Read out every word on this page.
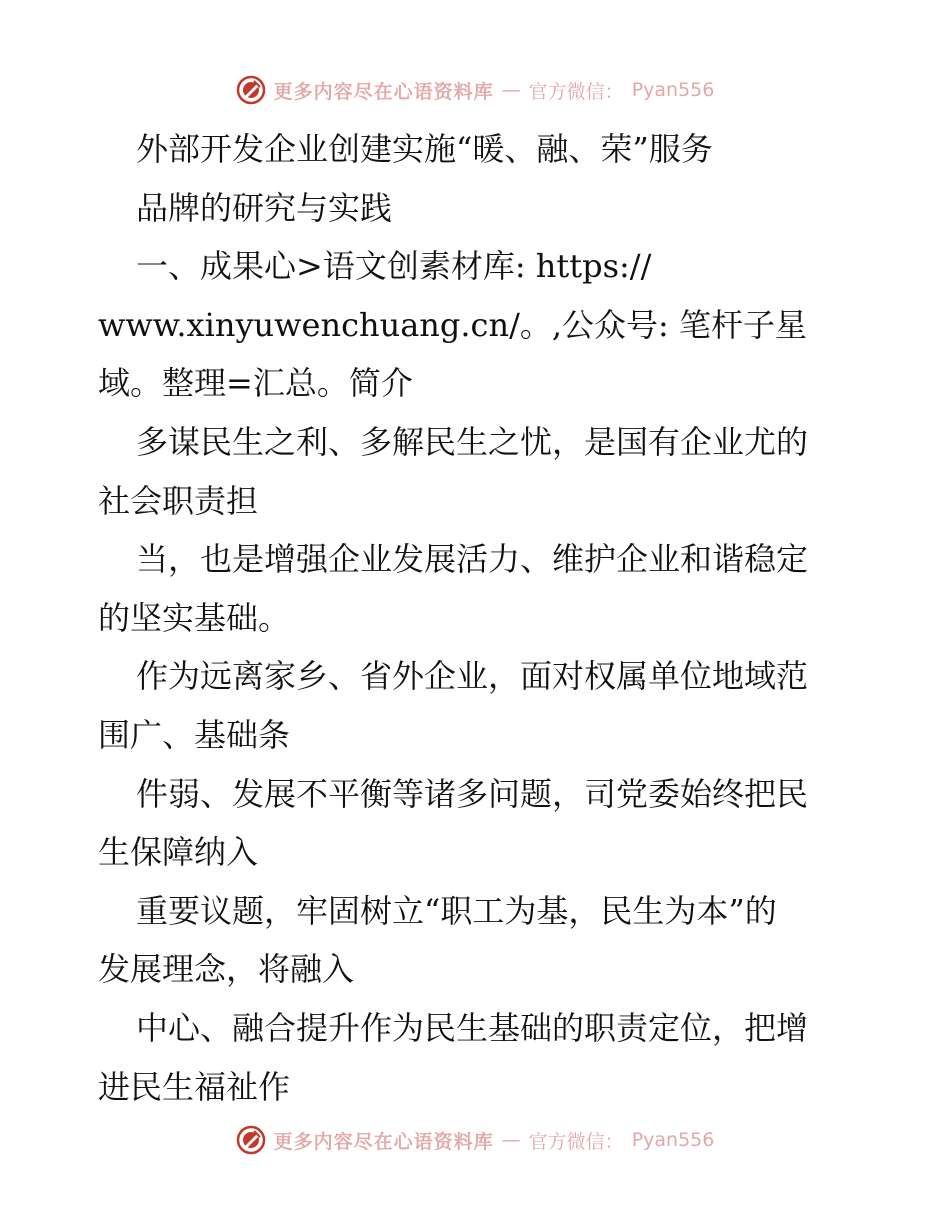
更多内容尽在心语资料库 — 官方微信： Pyan556
外部开发企业创建实施“暖、融、荣”服务
品牌的研究与实践
一、成果心>语文创素材库: https://
www.xinyuwenchuang.cn/。,公众号: 笔杆子星
域。整理=汇总。简介
多谋民生之利、多解民生之忧，是国有企业尤的
社会职责担
当，也是增强企业发展活力、维护企业和谐稳定
的坚实基础。
作为远离家乡、省外企业，面对权属单位地域范
围广、基础条
件弱、发展不平衡等诸多问题，司党委始终把民
生保障纳入
重要议题，牢固树立“职工为基，民生为本”的
发展理念，将融入
中心、融合提升作为民生基础的职责定位，把增
进民生福祉作
更多内容尽在心语资料库 — 官方微信： Pyan556
